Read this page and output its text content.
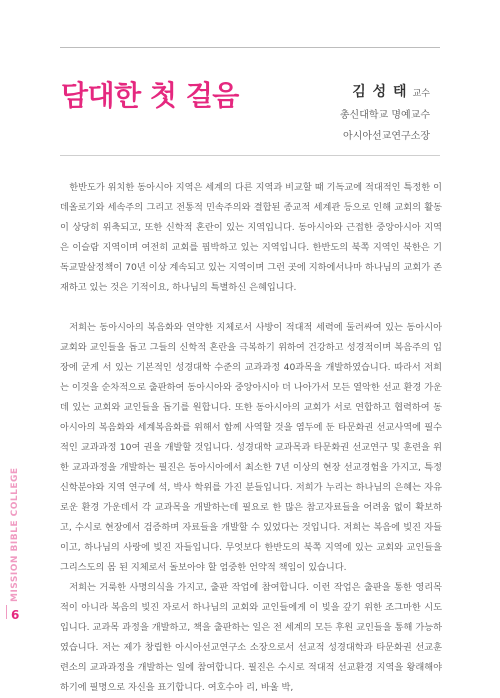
담대한 첫 걸음	김 성 태 교수
총신대학교 명예교수
아시아선교연구소장

한반도가 위치한 동아시아 지역은 세계의 다른 지역과 비교할 때 기독교에 적대적인 특정한 이데올로기와 세속주의 그리고 전통적 민속주의와 결합된 종교적 세계관 등으로 인해 교회의 활동이 상당히 위축되고, 또한 신학적 혼란이 있는 지역입니다. 동아시아와 근접한 중앙아시아 지역은 이슬람 지역이며 여전히 교회를 핍박하고 있는 지역입니다. 한반도의 북쪽 지역인 북한은 기독교말살정책이 70년 이상 계속되고 있는 지역이며 그런 곳에 지하에서나마 하나님의 교회가 존재하고 있는 것은 기적이요, 하나님의 특별하신 은혜입니다.

저희는 동아시아의 복음화와 연약한 지체로서 사방이 적대적 세력에 둘러싸여 있는 동아시아 교회와 교인들을 돕고 그들의 신학적 혼란을 극복하기 위하여 건강하고 성경적이며 복음주의 입장에 굳게 서 있는 기본적인 성경대학 수준의 교과과정 40과목을 개발하였습니다. 따라서 저희는 이것을 순차적으로 출판하여 동아시아와 중앙아시아 더 나아가서 모든 열악한 선교 환경 가운데 있는 교회와 교인들을 돕기를 원합니다. 또한 동아시아의 교회가 서로 연합하고 협력하여 동아시아의 복음화와 세계복음화를 위해서 함께 사역할 것을 염두에 둔 타문화권 선교사역에 필수적인 교과과정 10여 권을 개발할 것입니다. 성경대학 교과목과 타문화권 선교연구 및 훈련을 위한 교과과정을 개발하는 필진은 동아시아에서 최소한 7년 이상의 현장 선교경험을 가지고, 특정 신학분야와 지역 연구에 석, 박사 학위를 가진 분들입니다. 저희가 누리는 하나님의 은혜는 자유로운 환경 가운데서 각 교과목을 개발하는데 필요로 한 많은 참고자료들을 어려움 없이 확보하고, 수시로 현장에서 검증하며 자료들을 개발할 수 있었다는 것입니다. 저희는 복음에 빚진 자들이고, 하나님의 사랑에 빚진 자들입니다. 무엇보다 한반도의 북쪽 지역에 있는 교회와 교인들을 그리스도의 몸 된 지체로서 돌보아야 할 엄중한 언약적 책임이 있습니다.

저희는 거룩한 사명의식을 가지고, 출판 작업에 참여합니다. 이런 작업은 출판을 통한 영리목적이 아니라 복음의 빚진 자로서 하나님의 교회와 교인들에게 이 빚을 갚기 위한 조그마한 시도입니다. 교과목 과정을 개발하고, 책을 출판하는 일은 전 세계의 모든 후원 교인들을 통해 가능하였습니다. 저는 제가 창립한 아시아선교연구소 소장으로서 선교적 성경대학과 타문화권 선교훈련소의 교과과정을 개발하는 일에 참여합니다. 필진은 수시로 적대적 선교환경 지역을 왕래해야 하기에 필명으로 자신을 표기합니다. 여호수아 리, 바울 박,

MISSION BIBLE COLLEGE
6
